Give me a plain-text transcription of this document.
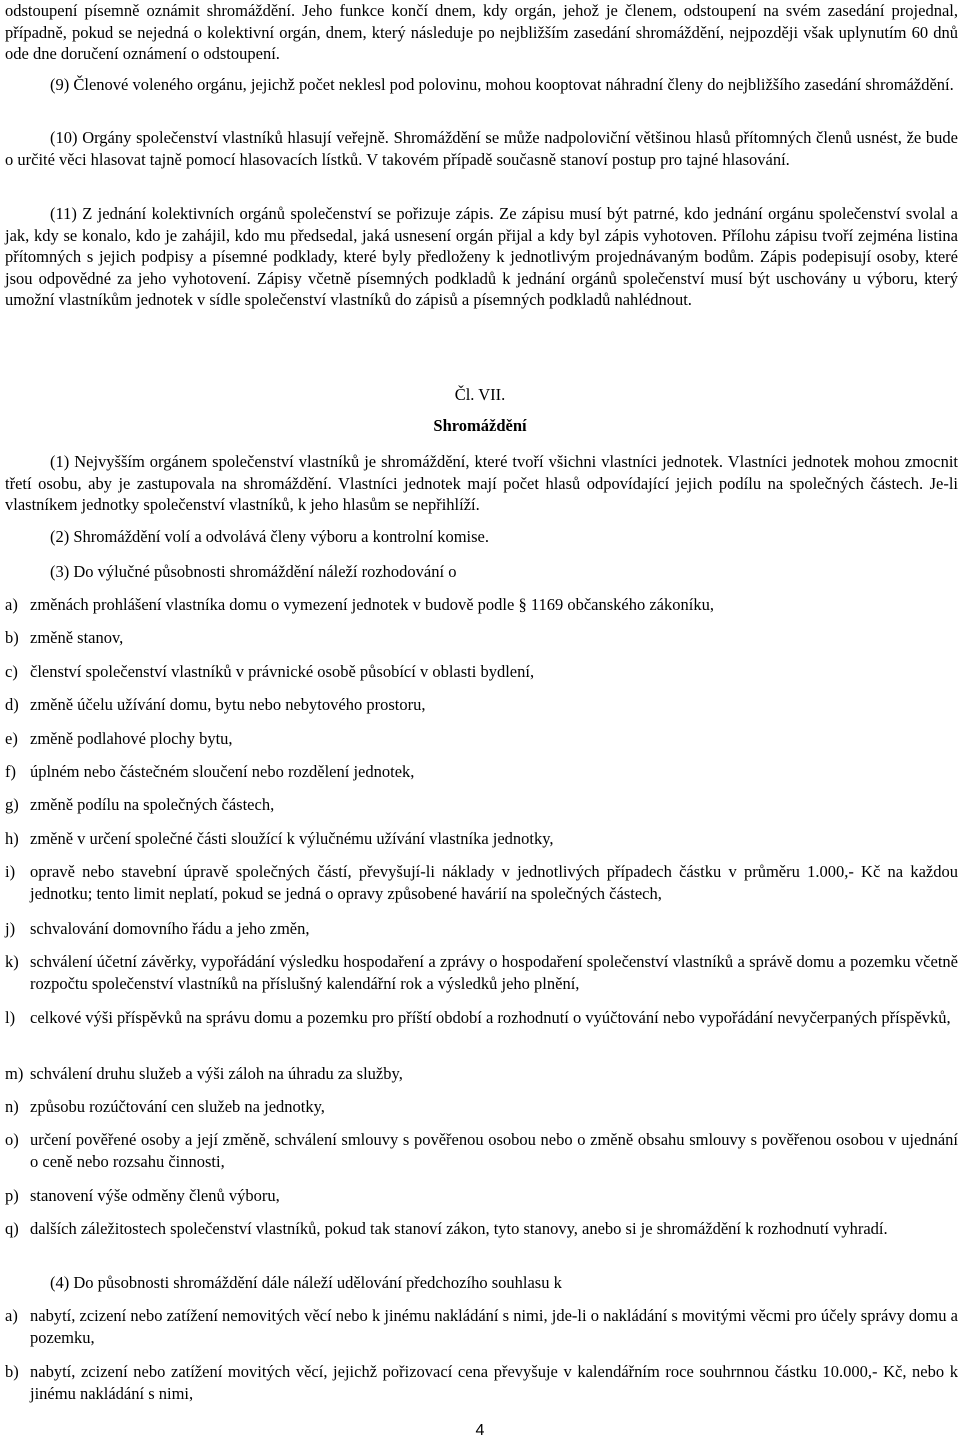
odstoupení písemně oznámit shromáždění. Jeho funkce končí dnem, kdy orgán, jehož je členem, odstoupení na svém zasedání projednal, případně, pokud se nejedná o kolektivní orgán, dnem, který následuje po nejbližším zasedání shromáždění, nejpozději však uplynutím 60 dnů ode dne doručení oznámení o odstoupení.
(9) Členové voleného orgánu, jejichž počet neklesl pod polovinu, mohou kooptovat náhradní členy do nejbližšího zasedání shromáždění.
(10) Orgány společenství vlastníků hlasují veřejně. Shromáždění se může nadpoloviční většinou hlasů přítomných členů usnést, že bude o určité věci hlasovat tajně pomocí hlasovacích lístků. V takovém případě současně stanoví postup pro tajné hlasování.
(11) Z jednání kolektivních orgánů společenství se pořizuje zápis. Ze zápisu musí být patrné, kdo jednání orgánu společenství svolal a jak, kdy se konalo, kdo je zahájil, kdo mu předsedal, jaká usnesení orgán přijal a kdy byl zápis vyhotoven. Přílohu zápisu tvoří zejména listina přítomných s jejich podpisy a písemné podklady, které byly předloženy k jednotlivým projednávaným bodům. Zápis podepisují osoby, které jsou odpovědné za jeho vyhotovení. Zápisy včetně písemných podkladů k jednání orgánů společenství musí být uschovány u výboru, který umožní vlastníkům jednotek v sídle společenství vlastníků do zápisů a písemných podkladů nahlédnout.
Čl. VII.
Shromáždění
(1) Nejvyšším orgánem společenství vlastníků je shromáždění, které tvoří všichni vlastníci jednotek. Vlastníci jednotek mohou zmocnit třetí osobu, aby je zastupovala na shromáždění. Vlastníci jednotek mají počet hlasů odpovídající jejich podílu na společných částech. Je-li vlastníkem jednotky společenství vlastníků, k jeho hlasům se nepřihlíží.
(2) Shromáždění volí a odvolává členy výboru a kontrolní komise.
(3) Do výlučné působnosti shromáždění náleží rozhodování o
a) změnách prohlášení vlastníka domu o vymezení jednotek v budově podle § 1169 občanského zákoníku,
b) změně stanov,
c) členství společenství vlastníků v právnické osobě působící v oblasti bydlení,
d) změně účelu užívání domu, bytu nebo nebytového prostoru,
e) změně podlahové plochy bytu,
f) úplném nebo částečném sloučení nebo rozdělení jednotek,
g) změně podílu na společných částech,
h) změně v určení společné části sloužící k výlučnému užívání vlastníka jednotky,
i) opravě nebo stavební úpravě společných částí, převyšují-li náklady v jednotlivých případech částku v průměru 1.000,- Kč na každou jednotku; tento limit neplatí, pokud se jedná o opravy způsobené havárií na společných částech,
j) schvalování domovního řádu a jeho změn,
k) schválení účetní závěrky, vypořádání výsledku hospodaření a zprávy o hospodaření společenství vlastníků a správě domu a pozemku včetně rozpočtu společenství vlastníků na příslušný kalendářní rok a výsledků jeho plnění,
l) celkové výši příspěvků na správu domu a pozemku pro příští období a rozhodnutí o vyúčtování nebo vypořádání nevyčerpaných příspěvků,
m) schválení druhu služeb a výši záloh na úhradu za služby,
n) způsobu rozúčtování cen služeb na jednotky,
o) určení pověřené osoby a její změně, schválení smlouvy s pověřenou osobou nebo o změně obsahu smlouvy s pověřenou osobou v ujednání o ceně nebo rozsahu činnosti,
p) stanovení výše odměny členů výboru,
q) dalších záležitostech společenství vlastníků, pokud tak stanoví zákon, tyto stanovy, anebo si je shromáždění k rozhodnutí vyhradí.
(4) Do působnosti shromáždění dále náleží udělování předchozího souhlasu k
a) nabytí, zcizení nebo zatížení nemovitých věcí nebo k jinému nakládání s nimi, jde-li o nakládání s movitými věcmi pro účely správy domu a pozemku,
b) nabytí, zcizení nebo zatížení movitých věcí, jejichž pořizovací cena převyšuje v kalendářním roce souhrnnou částku 10.000,- Kč, nebo k jinému nakládání s nimi,
4
